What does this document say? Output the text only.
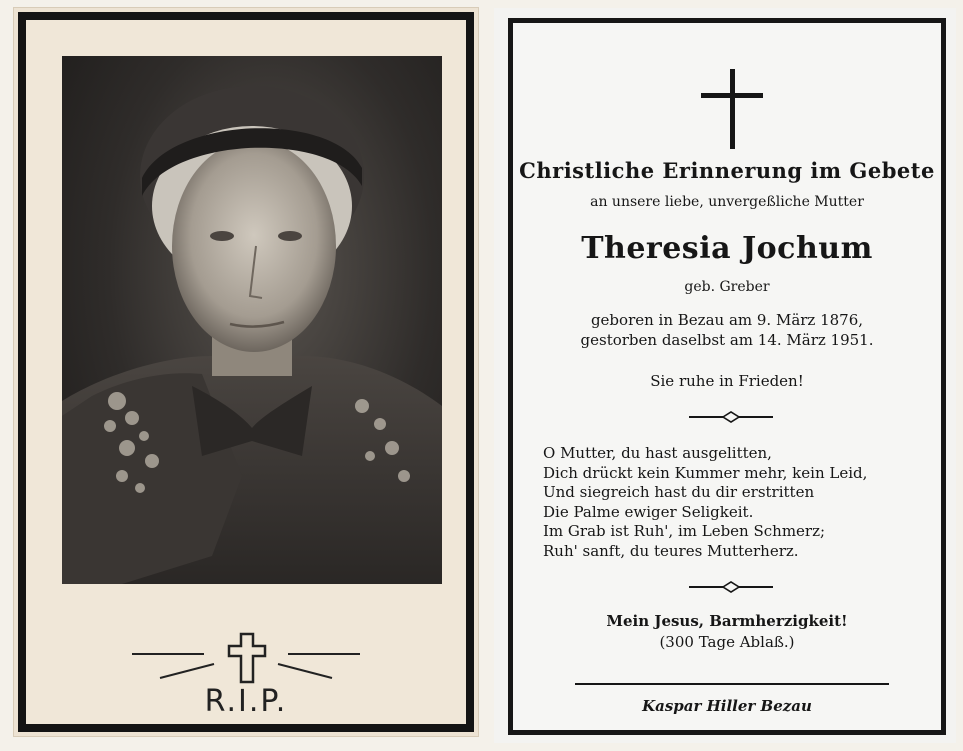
R.I.P.
Christliche Erinnerung im Gebete
an unsere liebe, unvergeßliche Mutter
Theresia Jochum
geb. Greber
geboren in Bezau am 9. März 1876,
gestorben daselbst am 14. März 1951.
Sie ruhe in Frieden!
O Mutter, du hast ausgelitten,
Dich drückt kein Kummer mehr, kein Leid,
Und siegreich hast du dir erstritten
Die Palme ewiger Seligkeit.
Im Grab ist Ruh', im Leben Schmerz;
Ruh' sanft, du teures Mutterherz.
Mein Jesus, Barmherzigkeit!
(300 Tage Ablaß.)
Kaspar Hiller Bezau
